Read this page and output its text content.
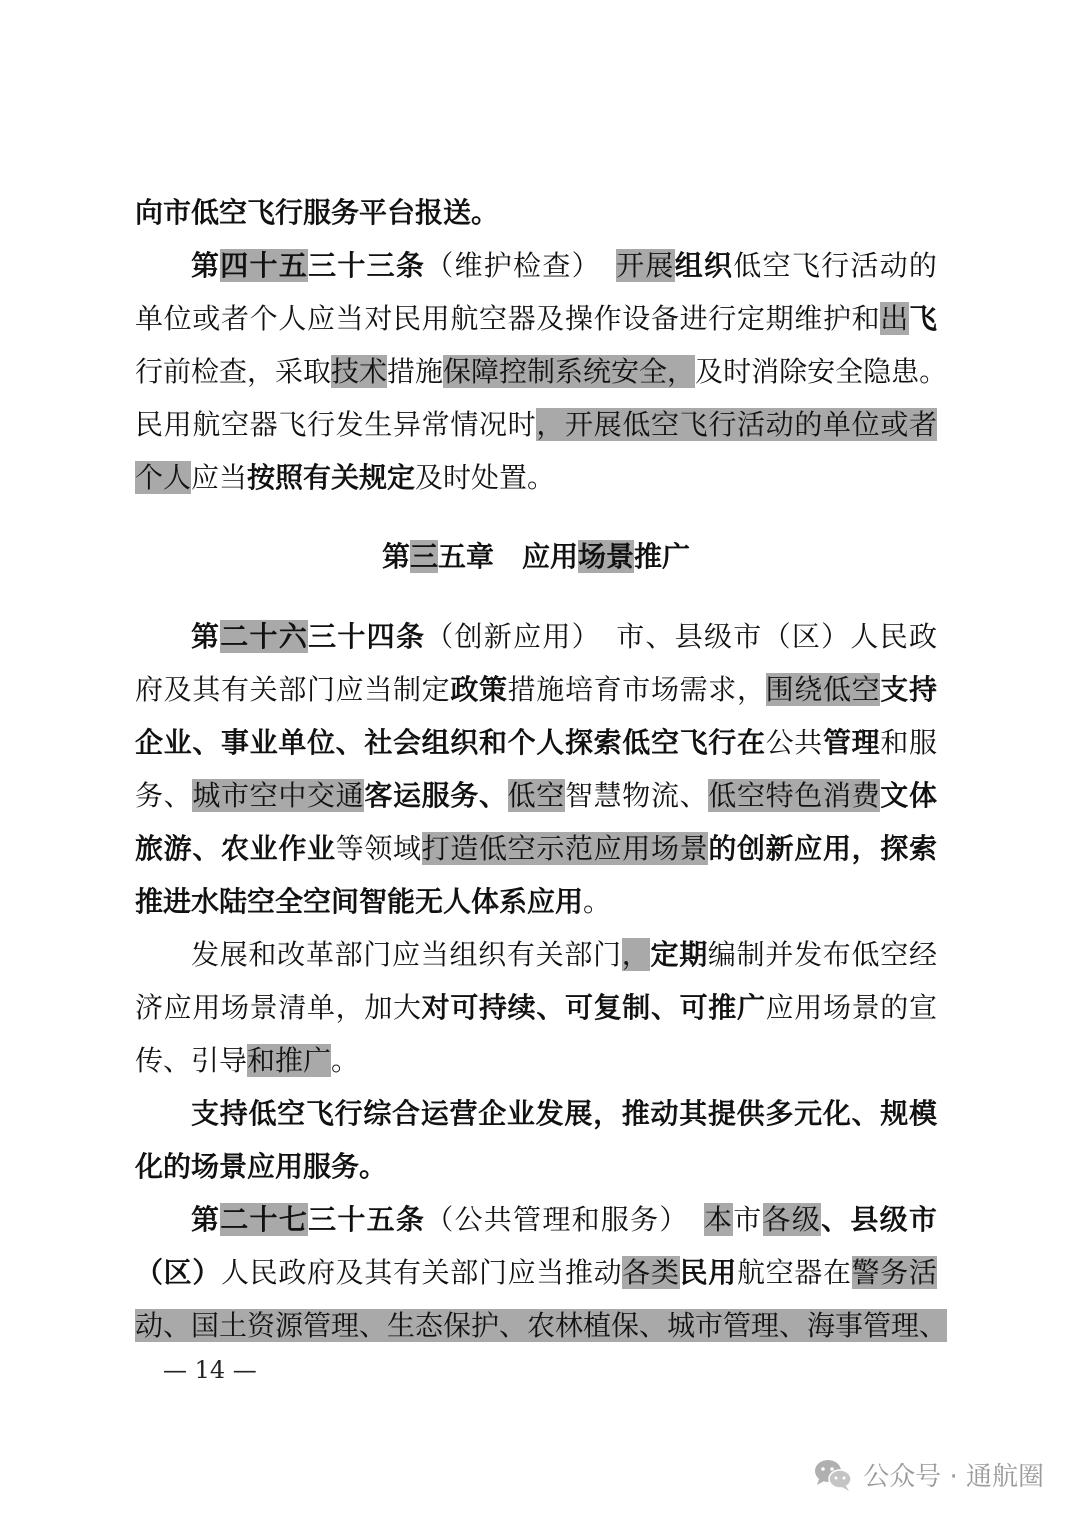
向市低空飞行服务平台报送。
第四十五三十三条（维护检查）　开展组织低空飞行活动的
单位或者个人应当对民用航空器及操作设备进行定期维护和出飞
行前检查，采取技术措施保障控制系统安全，及时消除安全隐患。
民用航空器飞行发生异常情况时，开展低空飞行活动的单位或者
个人应当按照有关规定及时处置。
第三五章 应用场景推广
第二十六三十四条（创新应用）　市、县级市（区）人民政
府及其有关部门应当制定政策措施培育市场需求，围绕低空支持
企业、事业单位、社会组织和个人探索低空飞行在公共管理和服
务、城市空中交通客运服务、低空智慧物流、低空特色消费文体
旅游、农业作业等领域打造低空示范应用场景的创新应用，探索
推进水陆空全空间智能无人体系应用。
发展和改革部门应当组织有关部门，定期编制并发布低空经
济应用场景清单，加大对可持续、可复制、可推广应用场景的宣
传、引导和推广。
支持低空飞行综合运营企业发展，推动其提供多元化、规模
化的场景应用服务。
第二十七三十五条（公共管理和服务）　本市各级、县级市
（区）人民政府及其有关部门应当推动各类民用航空器在警务活
动、国土资源管理、生态保护、农林植保、城市管理、海事管理、
— 14 —
公众号 · 通航圈
